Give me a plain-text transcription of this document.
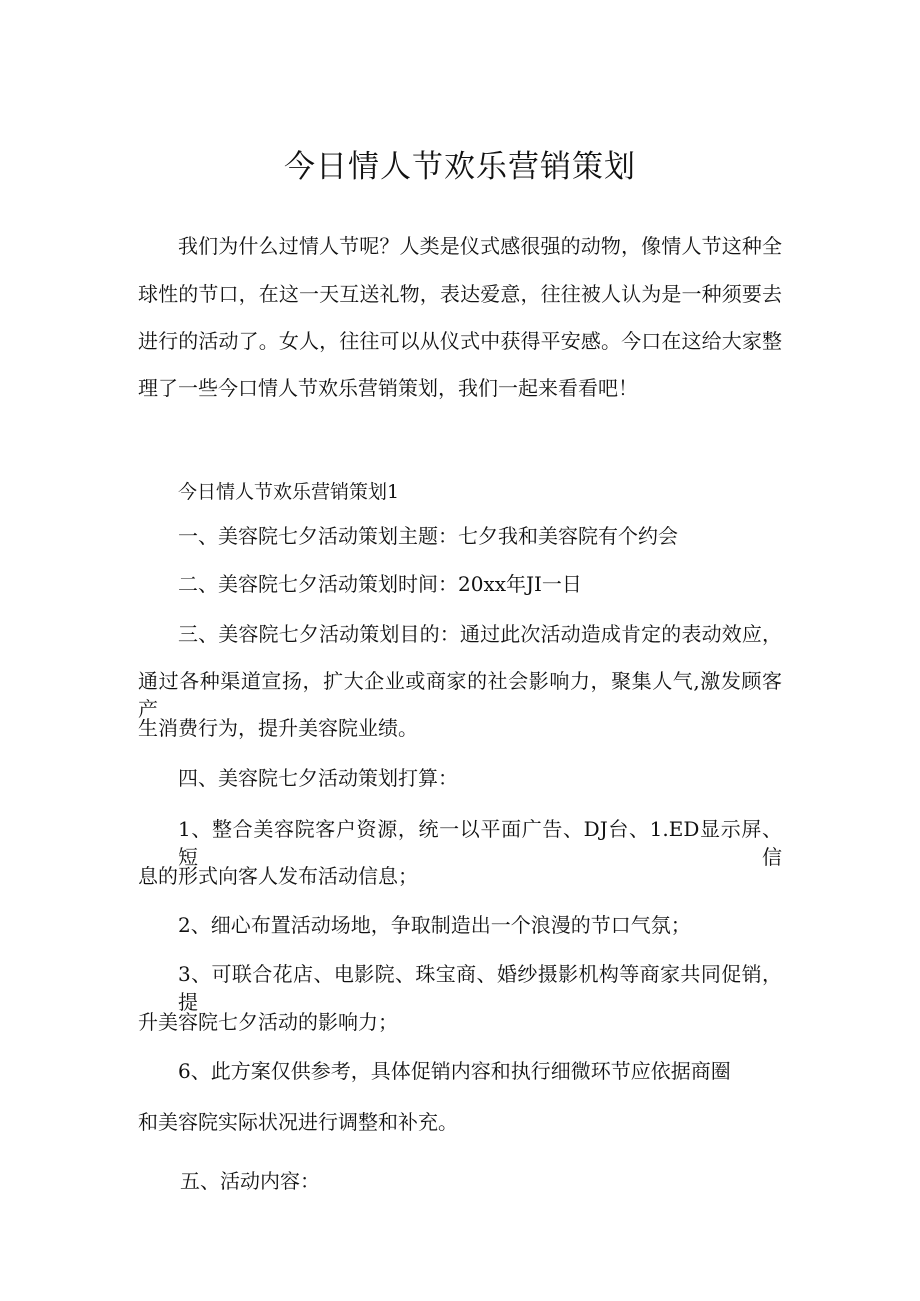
今日情人节欢乐营销策划

我们为什么过情人节呢？人类是仪式感很强的动物，像情人节这种全

球性的节口，在这一天互送礼物，表达爱意，往往被人认为是一种须要去

进行的活动了。女人，往往可以从仪式中获得平安感。今口在这给大家整

理了一些今口情人节欢乐营销策划，我们一起来看看吧！

今日情人节欢乐营销策划1

一、美容院七夕活动策划主题：七夕我和美容院有个约会

二、美容院七夕活动策划时间：20xx年JI一日

三、美容院七夕活动策划目的：通过此次活动造成肯定的表动效应，

通过各种渠道宣扬，扩大企业或商家的社会影响力，聚集人气,激发顾客产

生消费行为，提升美容院业绩。

四、美容院七夕活动策划打算：

1、整合美容院客户资源，统一以平面广告、DJ台、1.ED显示屏、短信

息的形式向客人发布活动信息；

2、细心布置活动场地，争取制造出一个浪漫的节口气氛；

3、可联合花店、电影院、珠宝商、婚纱摄影机构等商家共同促销，提

升美容院七夕活动的影响力；

6、此方案仅供参考，具体促销内容和执行细微环节应依据商圈

和美容院实际状况进行调整和补充。

五、活动内容：
